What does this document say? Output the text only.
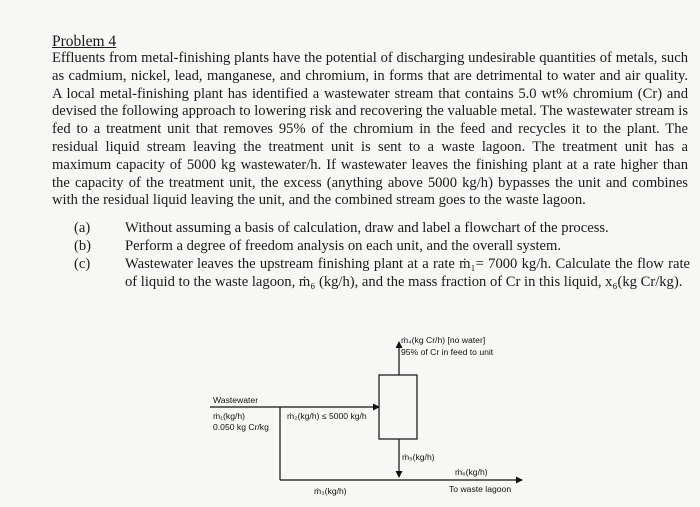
Problem 4
Effluents from metal-finishing plants have the potential of discharging undesirable quantities of metals, such as cadmium, nickel, lead, manganese, and chromium, in forms that are detrimental to water and air quality. A local metal-finishing plant has identified a wastewater stream that contains 5.0 wt% chromium (Cr) and devised the following approach to lowering risk and recovering the valuable metal. The wastewater stream is fed to a treatment unit that removes 95% of the chromium in the feed and recycles it to the plant. The residual liquid stream leaving the treatment unit is sent to a waste lagoon. The treatment unit has a maximum capacity of 5000 kg wastewater/h. If wastewater leaves the finishing plant at a rate higher than the capacity of the treatment unit, the excess (anything above 5000 kg/h) bypasses the unit and combines with the residual liquid leaving the unit, and the combined stream goes to the waste lagoon.
(a)	Without assuming a basis of calculation, draw and label a flowchart of the process.
(b)	Perform a degree of freedom analysis on each unit, and the overall system.
(c)	Wastewater leaves the upstream finishing plant at a rate ṁ₁= 7000 kg/h. Calculate the flow rate of liquid to the waste lagoon, ṁ₆ (kg/h), and the mass fraction of Cr in this liquid, x₆(kg Cr/kg).
ṁ₄(kg Cr/h) [no water]
95% of Cr in feed to unit
Wastewater
ṁ₁(kg/h)
0.050 kg Cr/kg
ṁ₂(kg/h) ≤ 5000 kg/h
ṁ₅(kg/h)
ṁ₃(kg/h)
ṁ₆(kg/h)
To waste lagoon
